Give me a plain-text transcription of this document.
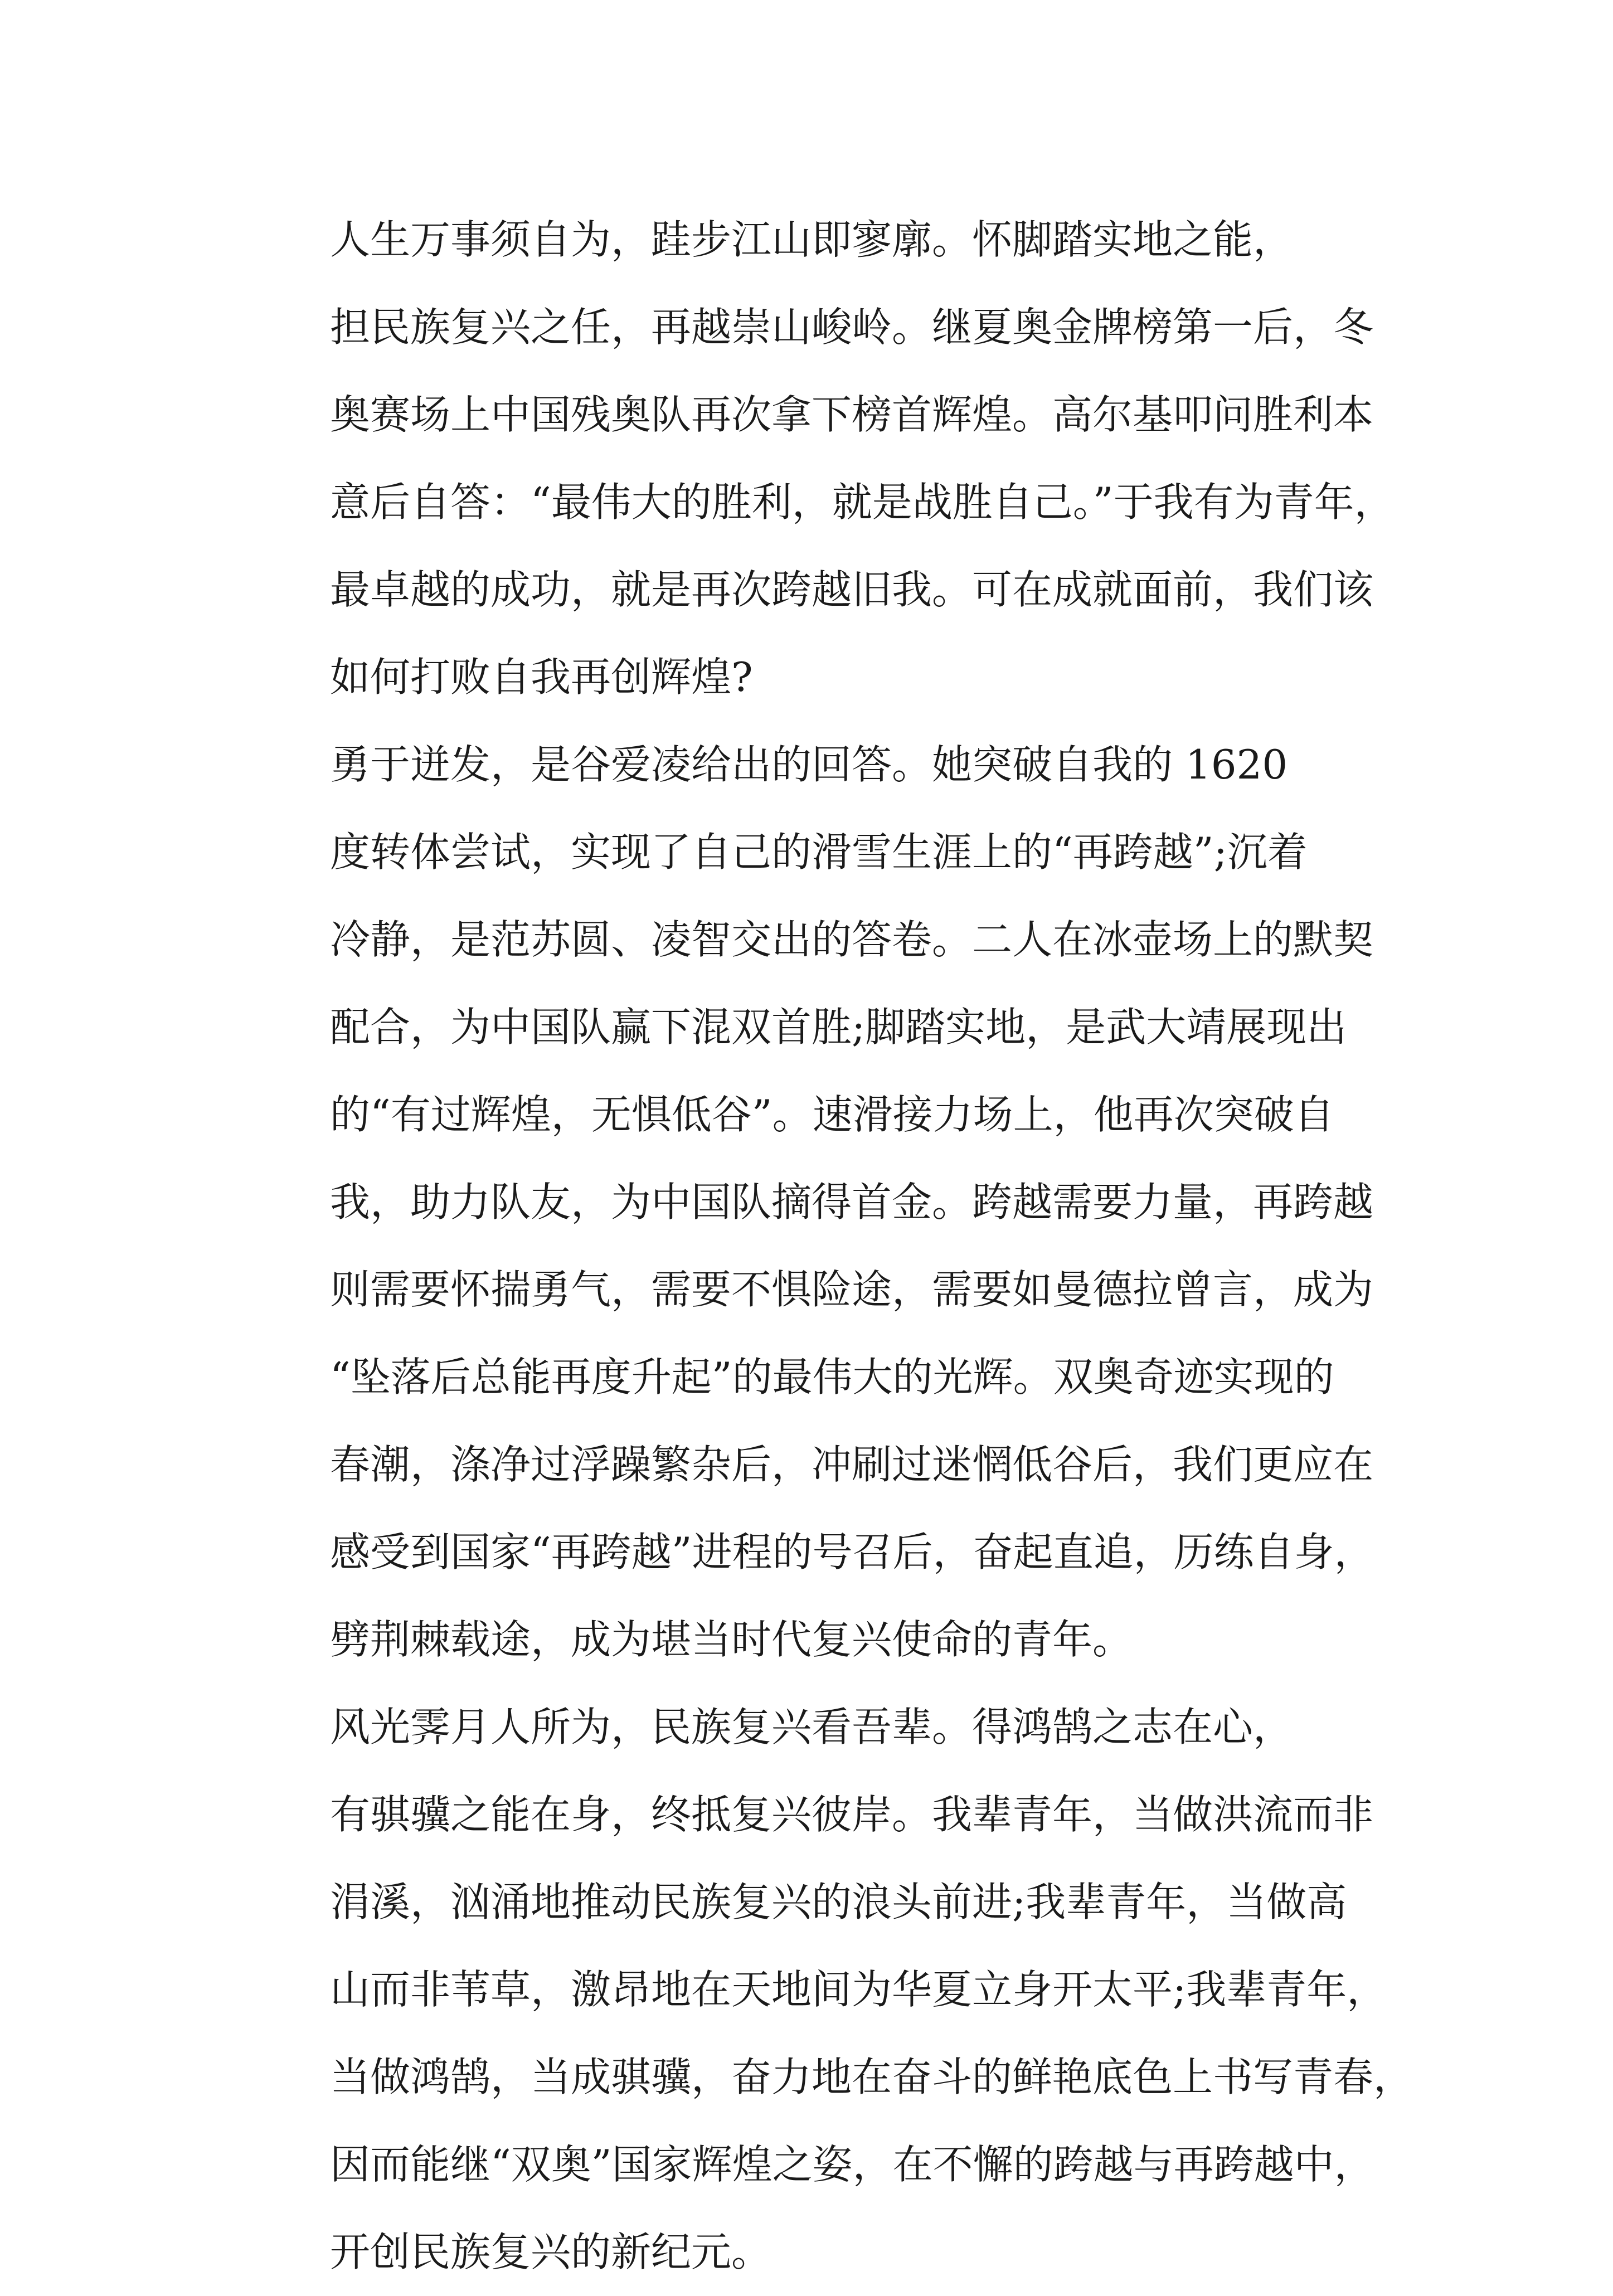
人生万事须自为，跬步江山即寥廓。怀脚踏实地之能，
担民族复兴之任，再越崇山峻岭。继夏奥金牌榜第一后，冬
奥赛场上中国残奥队再次拿下榜首辉煌。高尔基叩问胜利本
意后自答：“最伟大的胜利，就是战胜自己。”于我有为青年，
最卓越的成功，就是再次跨越旧我。可在成就面前，我们该
如何打败自我再创辉煌?

勇于迸发，是谷爱凌给出的回答。她突破自我的 1620
度转体尝试，实现了自己的滑雪生涯上的“再跨越”;沉着
冷静，是范苏圆、凌智交出的答卷。二人在冰壶场上的默契
配合，为中国队赢下混双首胜;脚踏实地，是武大靖展现出
的“有过辉煌，无惧低谷”。速滑接力场上，他再次突破自
我，助力队友，为中国队摘得首金。跨越需要力量，再跨越
则需要怀揣勇气，需要不惧险途，需要如曼德拉曾言，成为
“坠落后总能再度升起”的最伟大的光辉。双奥奇迹实现的
春潮，涤净过浮躁繁杂后，冲刷过迷惘低谷后，我们更应在
感受到国家“再跨越”进程的号召后，奋起直追，历练自身，
劈荆棘载途，成为堪当时代复兴使命的青年。

风光霁月人所为，民族复兴看吾辈。得鸿鹄之志在心，
有骐骥之能在身，终抵复兴彼岸。我辈青年，当做洪流而非
涓溪，汹涌地推动民族复兴的浪头前进;我辈青年，当做高
山而非苇草，激昂地在天地间为华夏立身开太平;我辈青年，
当做鸿鹄，当成骐骥，奋力地在奋斗的鲜艳底色上书写青春，
因而能继“双奥”国家辉煌之姿，在不懈的跨越与再跨越中，
开创民族复兴的新纪元。
